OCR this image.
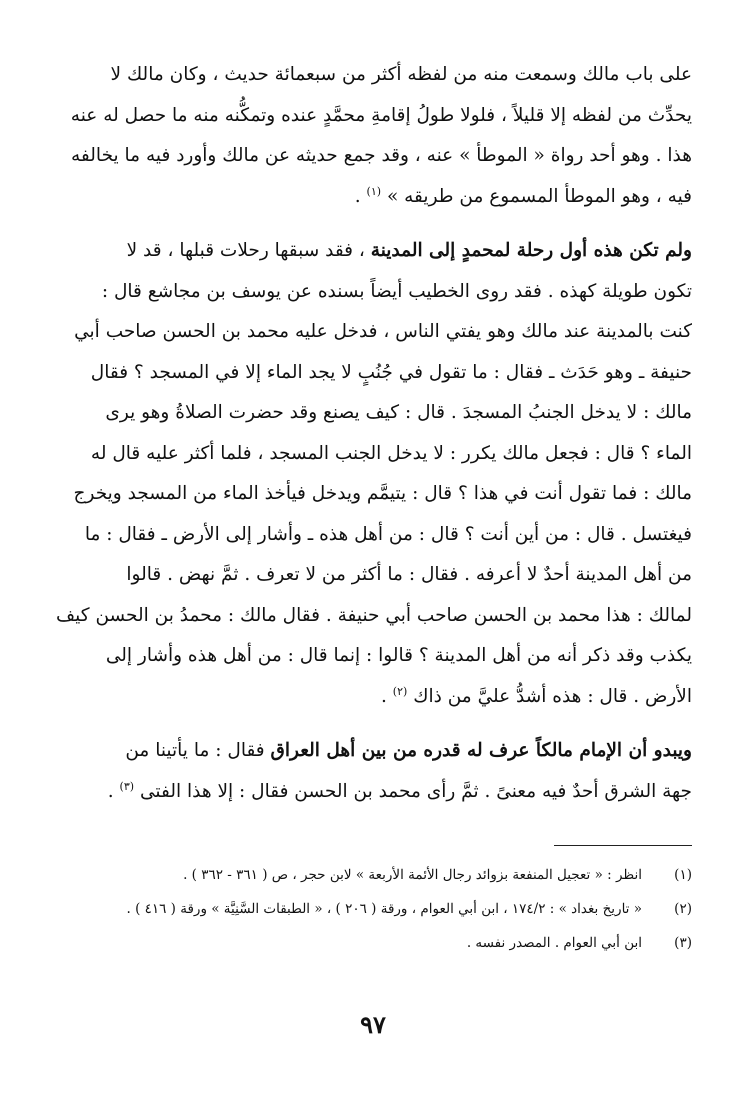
على باب مالك وسمعت منه من لفظه أكثر من سبعمائة حديث ، وكان مالك لا
يحدِّث من لفظه إلا قليلاً ، فلولا طولُ إقامةِ محمَّدٍ عنده وتمكُّنه منه ما حصل له عنه
هذا . وهو أحد رواة « الموطأ » عنه ، وقد جمع حديثه عن مالك وأورد فيه ما يخالفه
فيه ، وهو الموطأ المسموع من طريقه » $^{(١)}$ .
ولم تكن هذه أول رحلة لمحمدٍ إلى المدينة ، فقد سبقها رحلات قبلها ، قد لا
تكون طويلة كهذه . فقد روى الخطيب أيضاً بسنده عن يوسف بن مجاشع قال :
كنت بالمدينة عند مالك وهو يفتي الناس ، فدخل عليه محمد بن الحسن صاحب أبي
حنيفة ـ وهو حَدَث ـ فقال : ما تقول في جُنُبٍ لا يجد الماء إلا في المسجد ؟ فقال
مالك : لا يدخل الجنبُ المسجدَ . قال : كيف يصنع وقد حضرت الصلاةُ وهو يرى
الماء ؟ قال : فجعل مالك يكرر : لا يدخل الجنب المسجد ، فلما أكثر عليه قال له
مالك : فما تقول أنت في هذا ؟ قال : يتيمَّم ويدخل فيأخذ الماء من المسجد ويخرج
فيغتسل . قال : من أين أنت ؟ قال : من أهل هذه ـ وأشار إلى الأرض ـ فقال : ما
من أهل المدينة أحدٌ لا أعرفه . فقال : ما أكثر من لا تعرف . ثمَّ نهض . قالوا
لمالك : هذا محمد بن الحسن صاحب أبي حنيفة . فقال مالك : محمدُ بن الحسن كيف
يكذب وقد ذكر أنه من أهل المدينة ؟ قالوا : إنما قال : من أهل هذه وأشار إلى
الأرض . قال : هذه أشدُّ عليَّ من ذاك $^{(٢)}$ .
ويبدو أن الإمام مالكاً عرف له قدره من بين أهل العراق فقال : ما يأتينا من
جهة الشرق أحدٌ فيه معنىً . ثمَّ رأى محمد بن الحسن فقال : إلا هذا الفتى $^{(٣)}$ .
(١)
انظر : « تعجيل المنفعة بزوائد رجال الأئمة الأربعة » لابن حجر ، ص ( ٣٦١ - ٣٦٢ ) .
(٢)
« تاريخ بغداد » : ١٧٤/٢ ، ابن أبي العوام ، ورقة ( ٢٠٦ ) ، « الطبقات السَّنِيَّة » ورقة ( ٤١٦ ) .
(٣)
ابن أبي العوام . المصدر نفسه .
٩٧
